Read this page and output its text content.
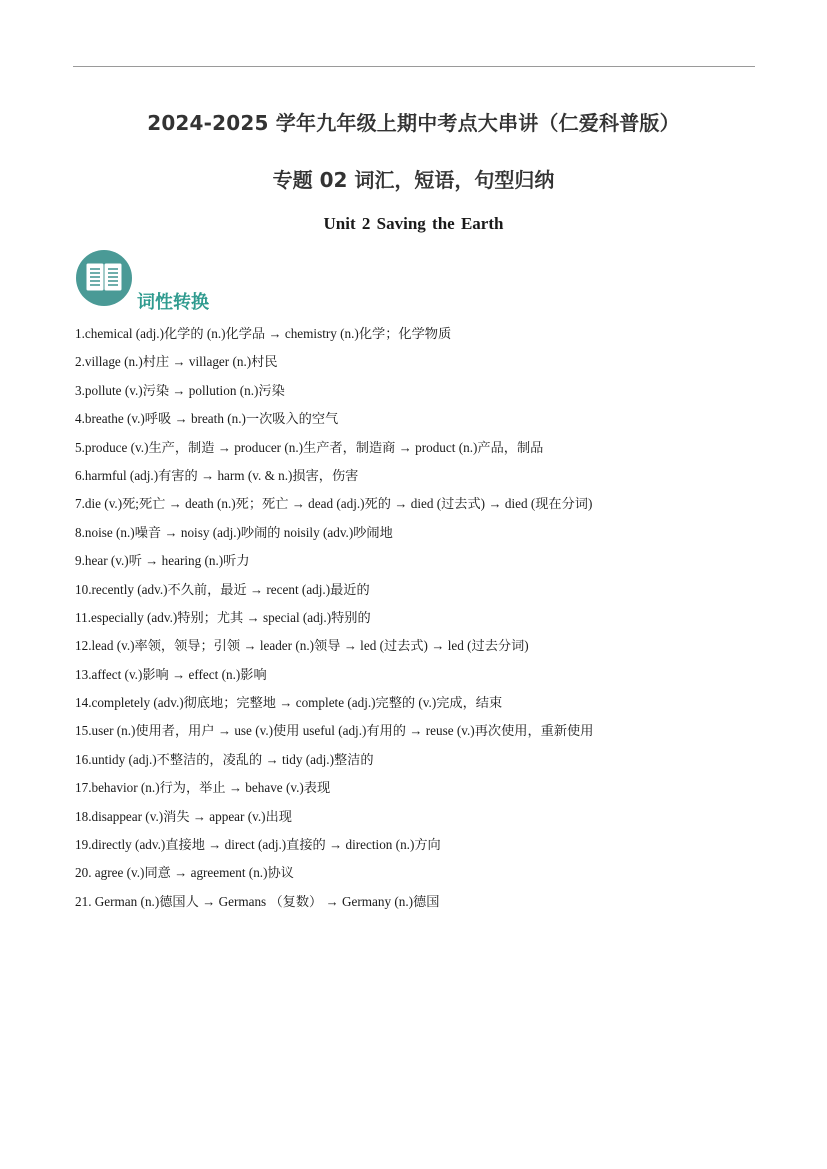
2024-2025 学年九年级上期中考点大串讲（仁爱科普版）
专题 02 词汇，短语，句型归纳
Unit 2 Saving the Earth
词性转换
1.chemical (adj.)化学的 (n.)化学品 → chemistry (n.)化学；化学物质
2.village (n.)村庄 → villager (n.)村民
3.pollute (v.)污染 → pollution (n.)污染
4.breathe (v.)呼吸 → breath (n.)一次吸入的空气
5.produce (v.)生产，制造 → producer (n.)生产者，制造商 → product (n.)产品，制品
6.harmful (adj.)有害的 → harm (v. & n.)损害，伤害
7.die (v.)死;死亡 → death (n.)死；死亡 → dead (adj.)死的 → died (过去式) → died (现在分词)
8.noise (n.)噪音 → noisy (adj.)吵闹的 noisily (adv.)吵闹地
9.hear (v.)听 → hearing (n.)听力
10.recently (adv.)不久前，最近 → recent (adj.)最近的
11.especially (adv.)特别；尤其 → special (adj.)特别的
12.lead (v.)率领，领导；引领 → leader (n.)领导 → led (过去式) → led (过去分词)
13.affect (v.)影响 → effect (n.)影响
14.completely (adv.)彻底地；完整地 → complete (adj.)完整的 (v.)完成，结束
15.user (n.)使用者，用户 → use (v.)使用 useful (adj.)有用的 → reuse (v.)再次使用，重新使用
16.untidy (adj.)不整洁的，凌乱的 → tidy (adj.)整洁的
17.behavior (n.)行为，举止 → behave (v.)表现
18.disappear (v.)消失 → appear (v.)出现
19.directly (adv.)直接地 → direct (adj.)直接的 → direction (n.)方向
20. agree (v.)同意 → agreement (n.)协议
21. German (n.)德国人 → Germans （复数） → Germany (n.)德国
